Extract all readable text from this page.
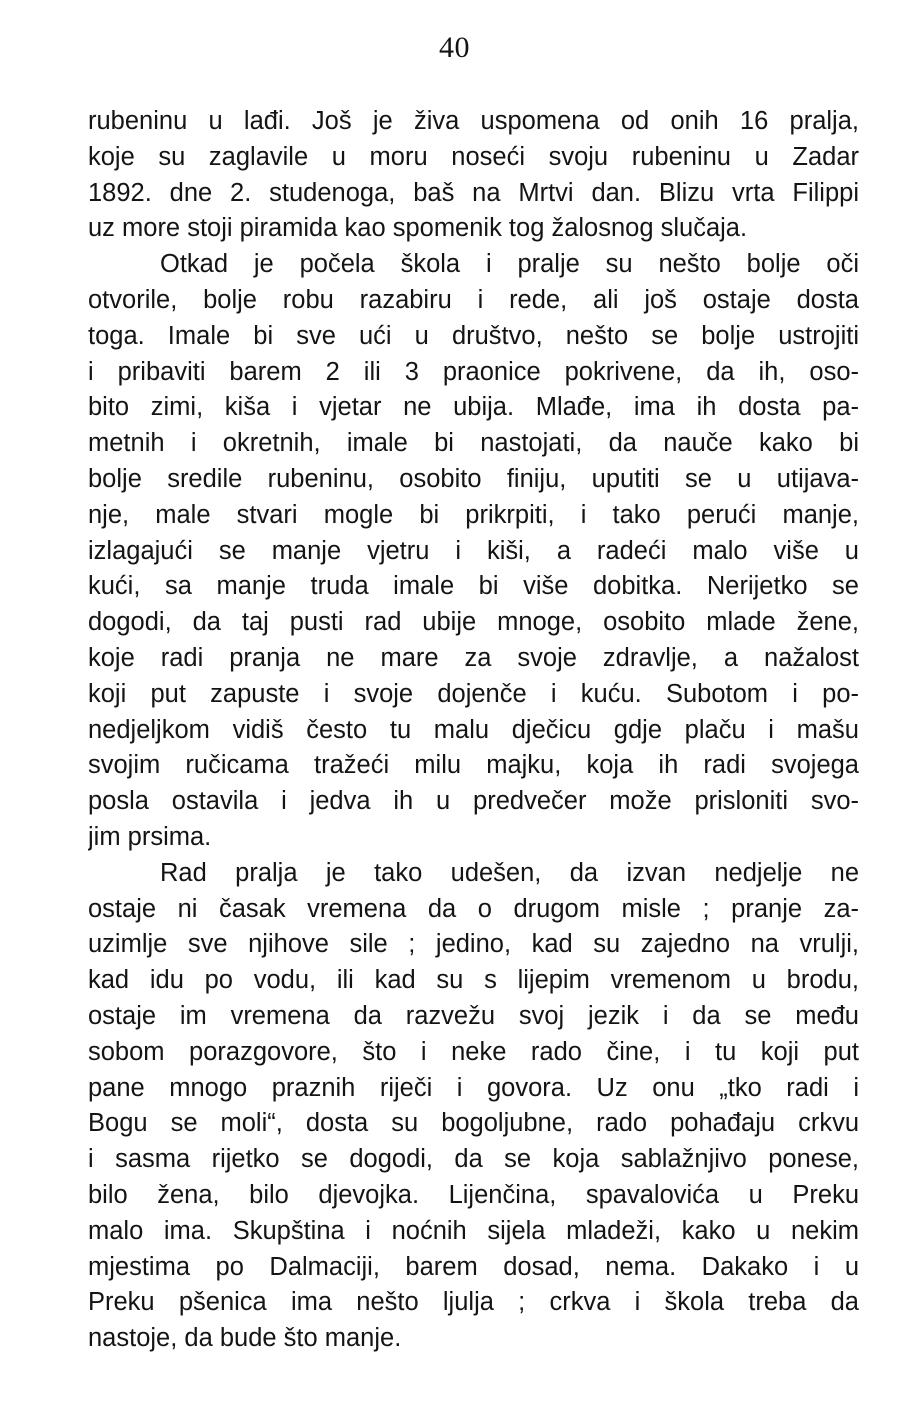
40
rubeninu u lađi. Još je živa uspomena od onih 16 pralja,
koje su zaglavile u moru noseći svoju rubeninu u Zadar
1892. dne 2. studenoga, baš na Mrtvi dan. Blizu vrta Filippi
uz more stoji piramida kao spomenik tog žalosnog slučaja.
Otkad je počela škola i pralje su nešto bolje oči
otvorile, bolje robu razabiru i rede, ali još ostaje dosta
toga. Imale bi sve ući u društvo, nešto se bolje ustrojiti
i pribaviti barem 2 ili 3 praonice pokrivene, da ih, oso-
bito zimi, kiša i vjetar ne ubija. Mlađe, ima ih dosta pa-
metnih i okretnih, imale bi nastojati, da nauče kako bi
bolje sredile rubeninu, osobito finiju, uputiti se u utijava-
nje, male stvari mogle bi prikrpiti, i tako perući manje,
izlagajući se manje vjetru i kiši, a radeći malo više u
kući, sa manje truda imale bi više dobitka. Nerijetko se
dogodi, da taj pusti rad ubije mnoge, osobito mlade žene,
koje radi pranja ne mare za svoje zdravlje, a nažalost
koji put zapuste i svoje dojenče i kuću. Subotom i po-
nedjeljkom vidiš često tu malu dječicu gdje plaču i mašu
svojim ručicama tražeći milu majku, koja ih radi svojega
posla ostavila i jedva ih u predvečer može prisloniti svo-
jim prsima.
Rad pralja je tako udešen, da izvan nedjelje ne
ostaje ni časak vremena da o drugom misle ; pranje za-
uzimlje sve njihove sile ; jedino, kad su zajedno na vrulji,
kad idu po vodu, ili kad su s lijepim vremenom u brodu,
ostaje im vremena da razvežu svoj jezik i da se među
sobom porazgovore, što i neke rado čine, i tu koji put
pane mnogo praznih riječi i govora. Uz onu „tko radi i
Bogu se moli“, dosta su bogoljubne, rado pohađaju crkvu
i sasma rijetko se dogodi, da se koja sablažnjivo ponese,
bilo žena, bilo djevojka. Lijenčina, spavalovića u Preku
malo ima. Skupština i noćnih sijela mladeži, kako u nekim
mjestima po Dalmaciji, barem dosad, nema. Dakako i u
Preku pšenica ima nešto ljulja ; crkva i škola treba da
nastoje, da bude što manje.
